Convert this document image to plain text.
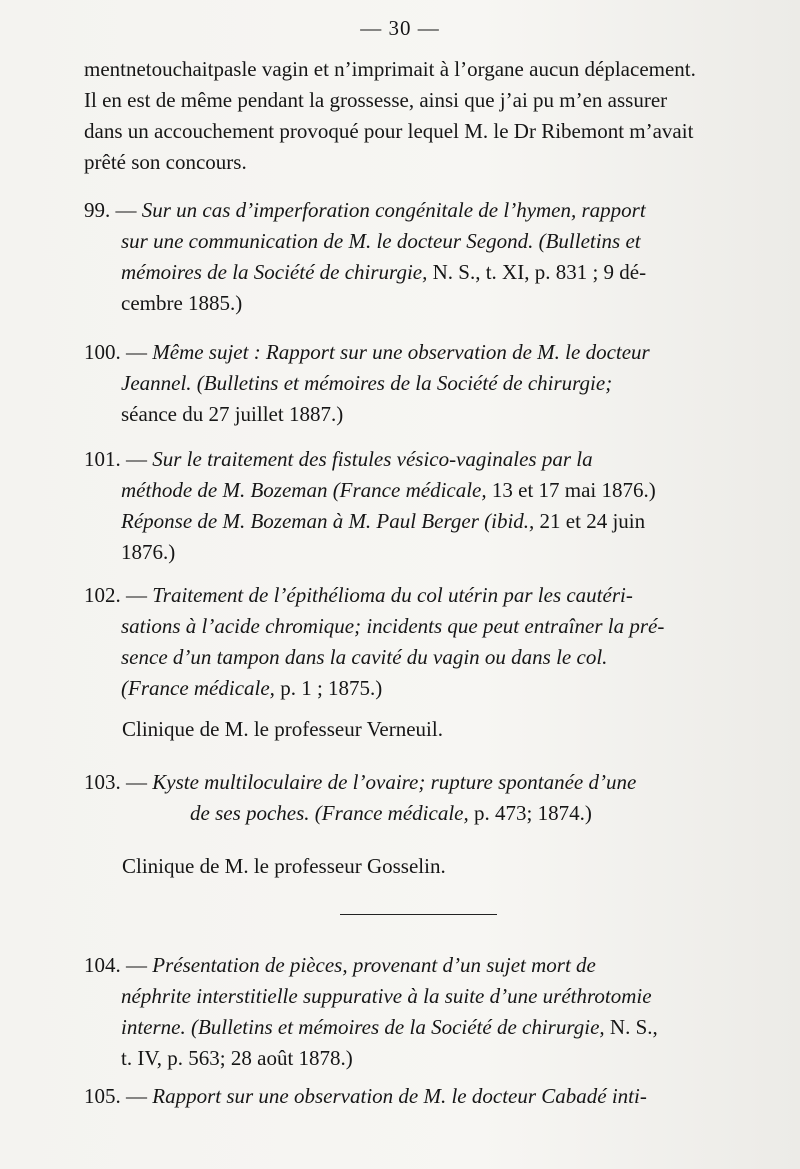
— 30 —
mentnetouchaitpasle vagin et n’imprimait à l’organe aucun déplacement.
Il en est de même pendant la grossesse, ainsi que j’ai pu m’en assurer
dans un accouchement provoqué pour lequel M. le Dr Ribemont m’avait
prêté son concours.
99. — Sur un cas d’imperforation congénitale de l’hymen, rapport
sur une communication de M. le docteur Segond. (Bulletins et
mémoires de la Société de chirurgie, N. S., t. XI, p. 831 ; 9 dé-
cembre 1885.)
100. — Même sujet : Rapport sur une observation de M. le docteur
Jeannel. (Bulletins et mémoires de la Société de chirurgie;
séance du 27 juillet 1887.)
101. — Sur le traitement des fistules vésico-vaginales par la
méthode de M. Bozeman (France médicale, 13 et 17 mai 1876.)
Réponse de M. Bozeman à M. Paul Berger (ibid., 21 et 24 juin
1876.)
102. — Traitement de l’épithélioma du col utérin par les cautéri-
sations à l’acide chromique; incidents que peut entraîner la pré-
sence d’un tampon dans la cavité du vagin ou dans le col.
(France médicale, p. 1 ; 1875.)
Clinique de M. le professeur Verneuil.
103. — Kyste multiloculaire de l’ovaire; rupture spontanée d’une
de ses poches. (France médicale, p. 473; 1874.)
Clinique de M. le professeur Gosselin.
104. — Présentation de pièces, provenant d’un sujet mort de
néphrite interstitielle suppurative à la suite d’une uréthrotomie
interne. (Bulletins et mémoires de la Société de chirurgie, N. S.,
t. IV, p. 563; 28 août 1878.)
105. — Rapport sur une observation de M. le docteur Cabadé inti-
